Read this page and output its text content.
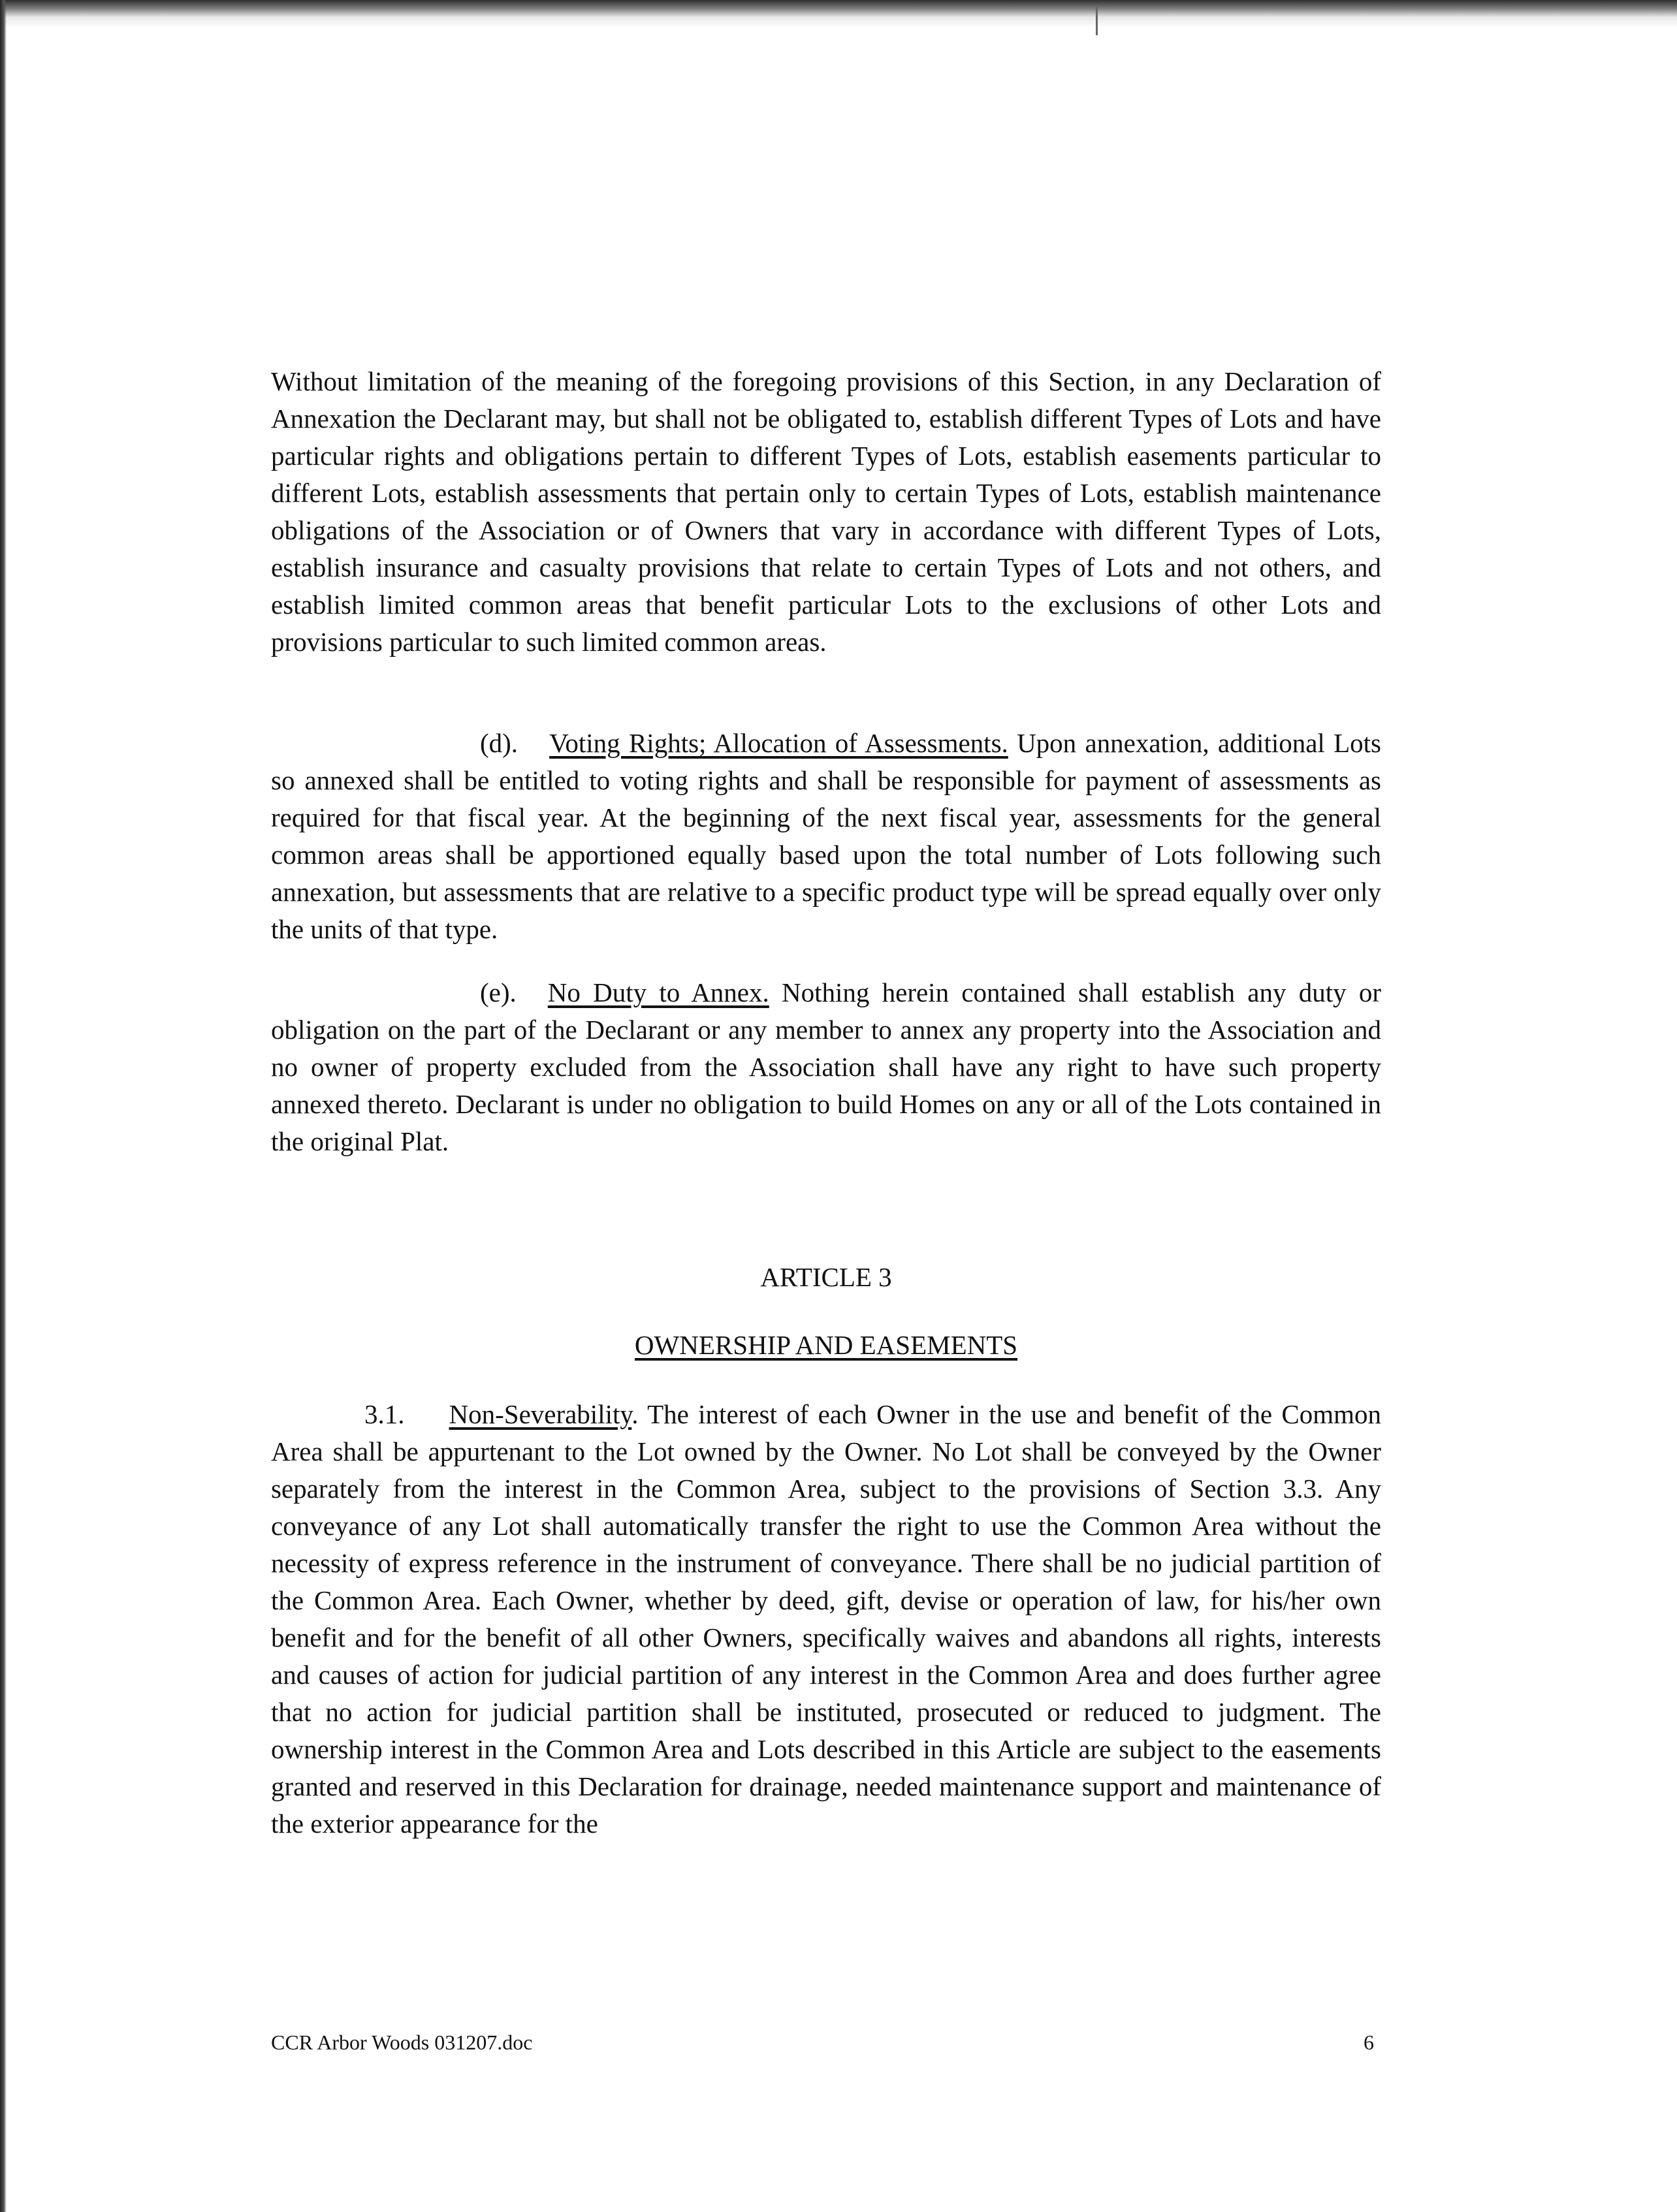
Without limitation of the meaning of the foregoing provisions of this Section, in any Declaration of Annexation the Declarant may, but shall not be obligated to, establish different Types of Lots and have particular rights and obligations pertain to different Types of Lots, establish easements particular to different Lots, establish assessments that pertain only to certain Types of Lots, establish maintenance obligations of the Association or of Owners that vary in accordance with different Types of Lots, establish insurance and casualty provisions that relate to certain Types of Lots and not others, and establish limited common areas that benefit particular Lots to the exclusions of other Lots and provisions particular to such limited common areas.

(d). Voting Rights; Allocation of Assessments. Upon annexation, additional Lots so annexed shall be entitled to voting rights and shall be responsible for payment of assessments as required for that fiscal year. At the beginning of the next fiscal year, assessments for the general common areas shall be apportioned equally based upon the total number of Lots following such annexation, but assessments that are relative to a specific product type will be spread equally over only the units of that type.

(e). No Duty to Annex. Nothing herein contained shall establish any duty or obligation on the part of the Declarant or any member to annex any property into the Association and no owner of property excluded from the Association shall have any right to have such property annexed thereto. Declarant is under no obligation to build Homes on any or all of the Lots contained in the original Plat.

ARTICLE 3

OWNERSHIP AND EASEMENTS

3.1. Non-Severability. The interest of each Owner in the use and benefit of the Common Area shall be appurtenant to the Lot owned by the Owner. No Lot shall be conveyed by the Owner separately from the interest in the Common Area, subject to the provisions of Section 3.3. Any conveyance of any Lot shall automatically transfer the right to use the Common Area without the necessity of express reference in the instrument of conveyance. There shall be no judicial partition of the Common Area. Each Owner, whether by deed, gift, devise or operation of law, for his/her own benefit and for the benefit of all other Owners, specifically waives and abandons all rights, interests and causes of action for judicial partition of any interest in the Common Area and does further agree that no action for judicial partition shall be instituted, prosecuted or reduced to judgment. The ownership interest in the Common Area and Lots described in this Article are subject to the easements granted and reserved in this Declaration for drainage, needed maintenance support and maintenance of the exterior appearance for the

CCR Arbor Woods 031207.doc	6
